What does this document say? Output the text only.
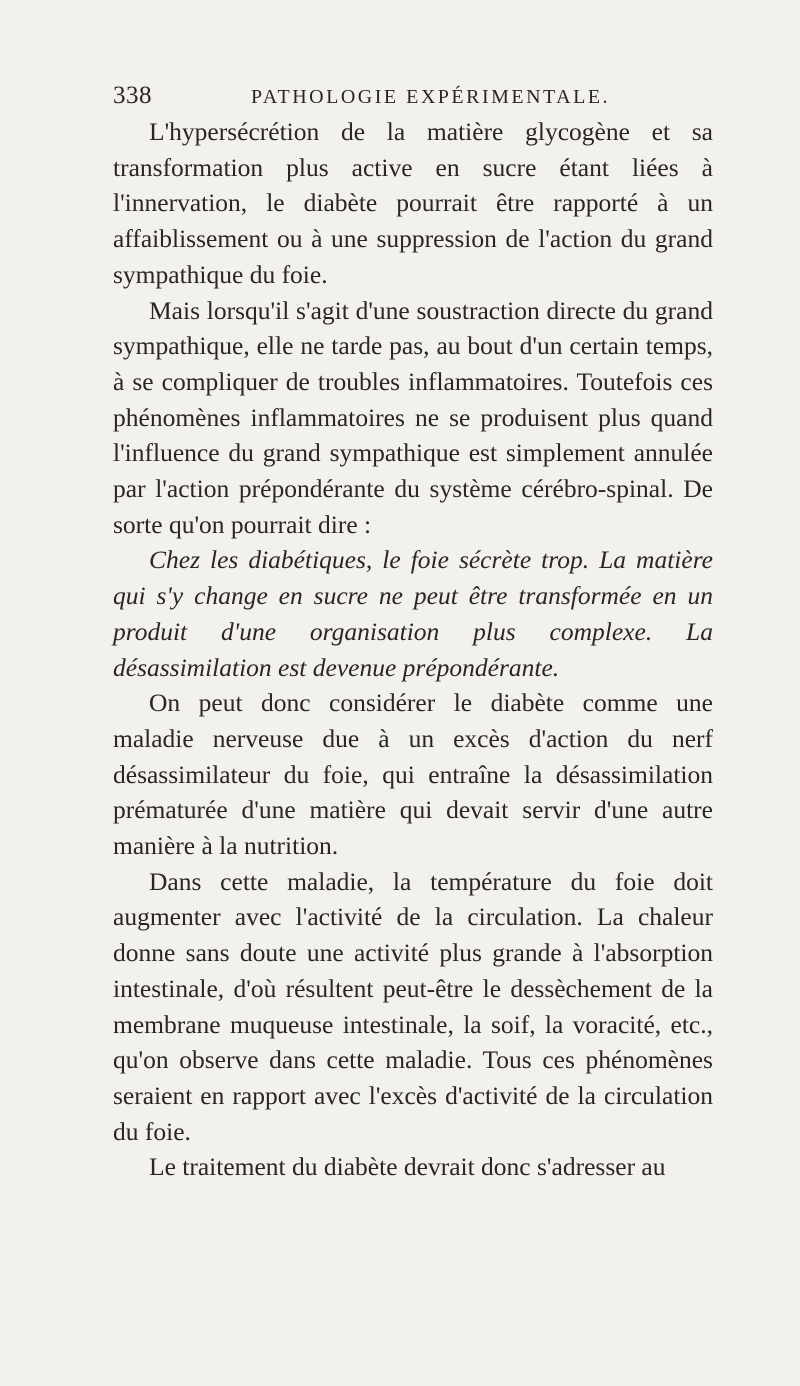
338	PATHOLOGIE EXPÉRIMENTALE.

L'hypersécrétion de la matière glycogène et sa transformation plus active en sucre étant liées à l'innervation, le diabète pourrait être rapporté à un affaiblissement ou à une suppression de l'action du grand sympathique du foie.

Mais lorsqu'il s'agit d'une soustraction directe du grand sympathique, elle ne tarde pas, au bout d'un certain temps, à se compliquer de troubles inflammatoires. Toutefois ces phénomènes inflammatoires ne se produisent plus quand l'influence du grand sympathique est simplement annulée par l'action prépondérante du système cérébro-spinal. De sorte qu'on pourrait dire :

Chez les diabétiques, le foie sécrète trop. La matière qui s'y change en sucre ne peut être transformée en un produit d'une organisation plus complexe. La désassimilation est devenue prépondérante.

On peut donc considérer le diabète comme une maladie nerveuse due à un excès d'action du nerf désassimilateur du foie, qui entraîne la désassimilation prématurée d'une matière qui devait servir d'une autre manière à la nutrition.

Dans cette maladie, la température du foie doit augmenter avec l'activité de la circulation. La chaleur donne sans doute une activité plus grande à l'absorption intestinale, d'où résultent peut-être le dessèchement de la membrane muqueuse intestinale, la soif, la voracité, etc., qu'on observe dans cette maladie. Tous ces phénomènes seraient en rapport avec l'excès d'activité de la circulation du foie.

Le traitement du diabète devrait donc s'adresser au
